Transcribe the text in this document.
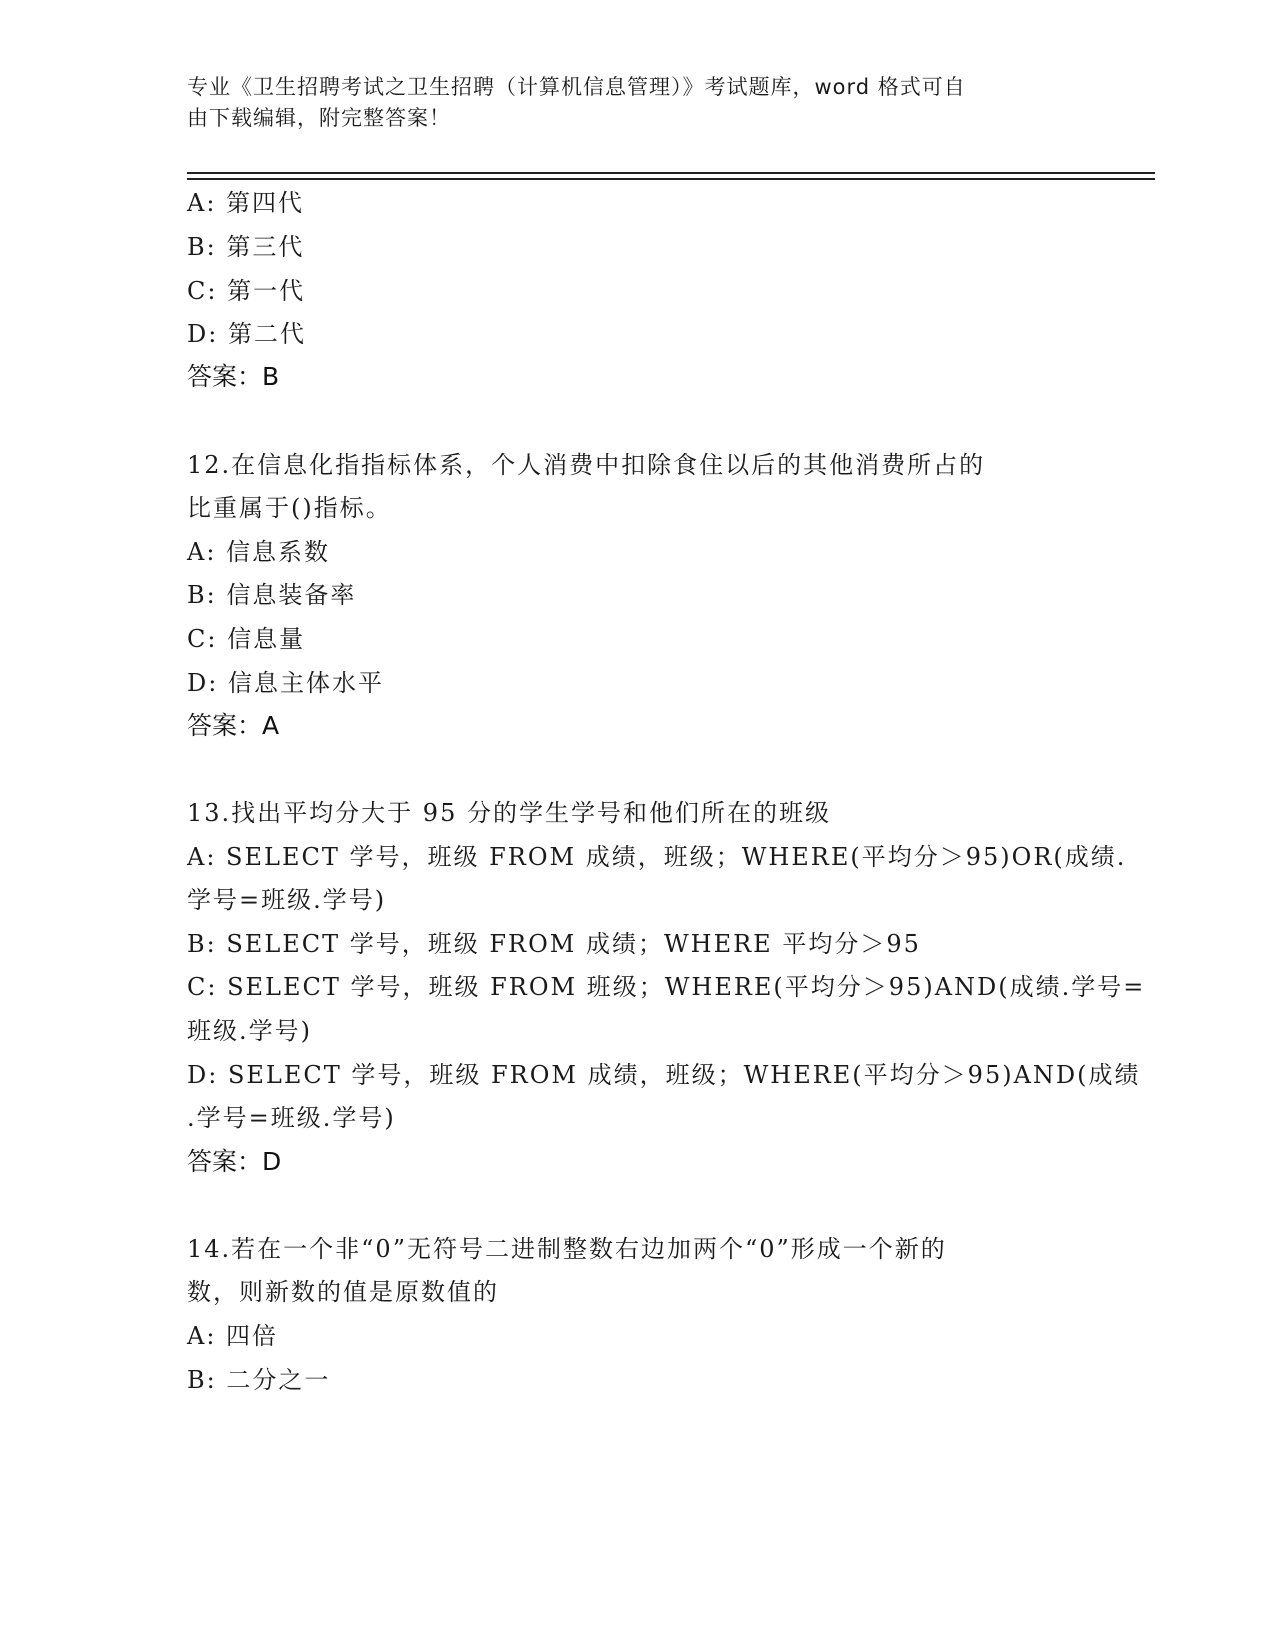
专业《卫生招聘考试之卫生招聘（计算机信息管理）》考试题库，word 格式可自
由下载编辑，附完整答案！
A: 第四代
B: 第三代
C: 第一代
D: 第二代
答案：B
12.在信息化指指标体系，个人消费中扣除食住以后的其他消费所占的
比重属于()指标。
A: 信息系数
B: 信息装备率
C: 信息量
D: 信息主体水平
答案：A
13.找出平均分大于 95 分的学生学号和他们所在的班级
A: SELECT 学号，班级 FROM 成绩，班级；WHERE(平均分＞95)OR(成绩.
学号=班级.学号)
B: SELECT 学号，班级 FROM 成绩；WHERE 平均分＞95
C: SELECT 学号，班级 FROM 班级；WHERE(平均分＞95)AND(成绩.学号=
班级.学号)
D: SELECT 学号，班级 FROM 成绩，班级；WHERE(平均分＞95)AND(成绩
.学号=班级.学号)
答案：D
14.若在一个非“0”无符号二进制整数右边加两个“0”形成一个新的
数，则新数的值是原数值的
A: 四倍
B: 二分之一
